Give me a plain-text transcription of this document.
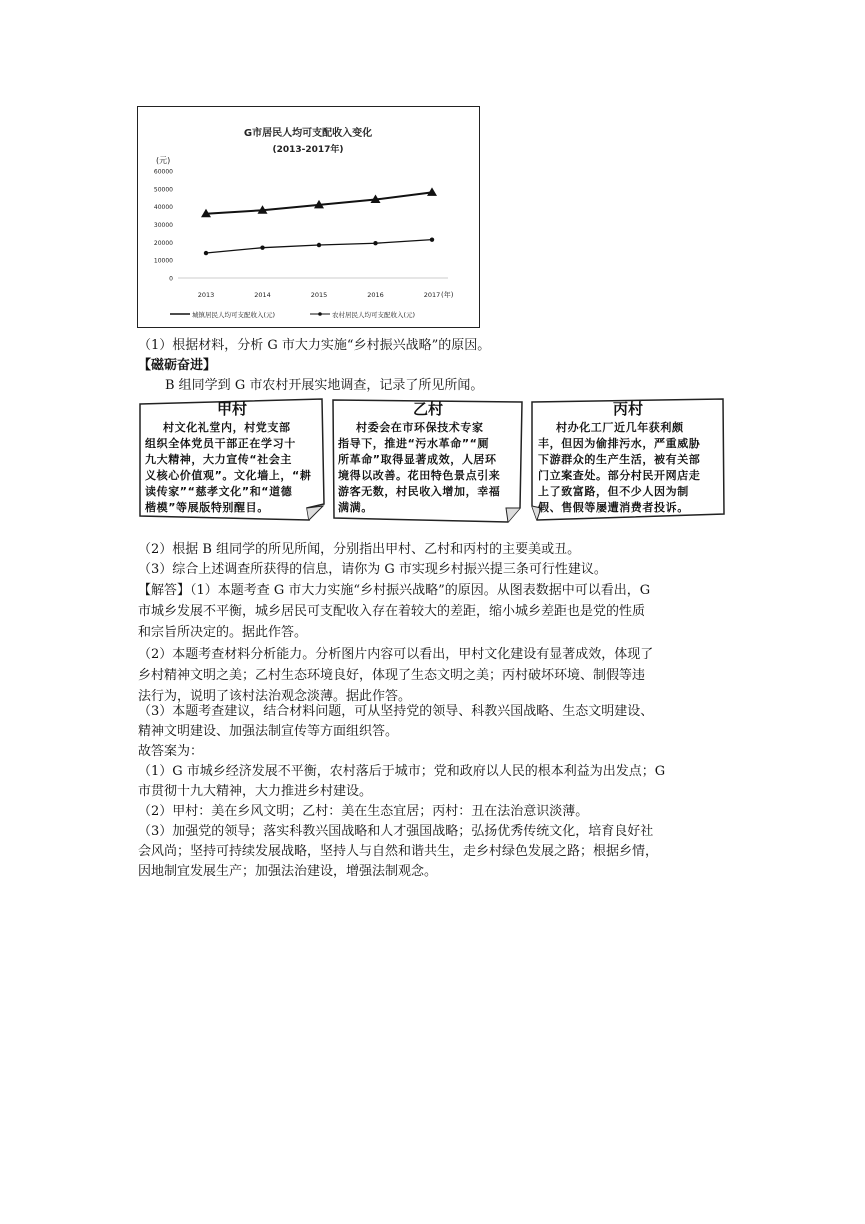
G市居民人均可支配收入变化
(2013-2017年)
(元)
(年)
60000
50000
40000
30000
20000
10000
0
2013	2014	2015	2016	2017
城镇居民人均可支配收入(元)	农村居民人均可支配收入(元)
（1）根据材料，分析 G 市大力实施“乡村振兴战略”的原因。
【磁砺奋进】
B 组同学到 G 市农村开展实地调查，记录了所见所闻。
甲村
村文化礼堂内，村党支部
组织全体党员干部正在学习十
九大精神，大力宣传“社会主
义核心价值观”。文化墙上，“耕
读传家”“慈孝文化”和“道德
楷模”等展版特别醒目。
乙村
村委会在市环保技术专家
指导下，推进“污水革命”“厕
所革命”取得显著成效，人居环
境得以改善。花田特色景点引来
游客无数，村民收入增加，幸福
满满。
丙村
村办化工厂近几年获利颇
丰，但因为偷排污水，严重威胁
下游群众的生产生活，被有关部
门立案查处。部分村民开网店走
上了致富路，但不少人因为制
假、售假等屡遭消费者投诉。
（2）根据 B 组同学的所见所闻，分别指出甲村、乙村和丙村的主要美或丑。
（3）综合上述调查所获得的信息，请你为 G 市实现乡村振兴提三条可行性建议。
【解答】（1）本题考查 G 市大力实施“乡村振兴战略”的原因。从图表数据中可以看出，G
市城乡发展不平衡，城乡居民可支配收入存在着较大的差距，缩小城乡差距也是党的性质
和宗旨所决定的。据此作答。
（2）本题考查材料分析能力。分析图片内容可以看出，甲村文化建设有显著成效，体现了
乡村精神文明之美；乙村生态环境良好，体现了生态文明之美；丙村破坏环境、制假等违
法行为，说明了该村法治观念淡薄。据此作答。
（3）本题考查建议，结合材料问题，可从坚持党的领导、科教兴国战略、生态文明建设、
精神文明建设、加强法制宣传等方面组织答。
故答案为：
（1）G 市城乡经济发展不平衡，农村落后于城市；党和政府以人民的根本利益为出发点；G
市贯彻十九大精神，大力推进乡村建设。
（2）甲村：美在乡风文明；乙村：美在生态宜居；丙村：丑在法治意识淡薄。
（3）加强党的领导；落实科教兴国战略和人才强国战略；弘扬优秀传统文化，培育良好社
会风尚；坚持可持续发展战略，坚持人与自然和谐共生，走乡村绿色发展之路；根据乡情，
因地制宜发展生产；加强法治建设，增强法制观念。
